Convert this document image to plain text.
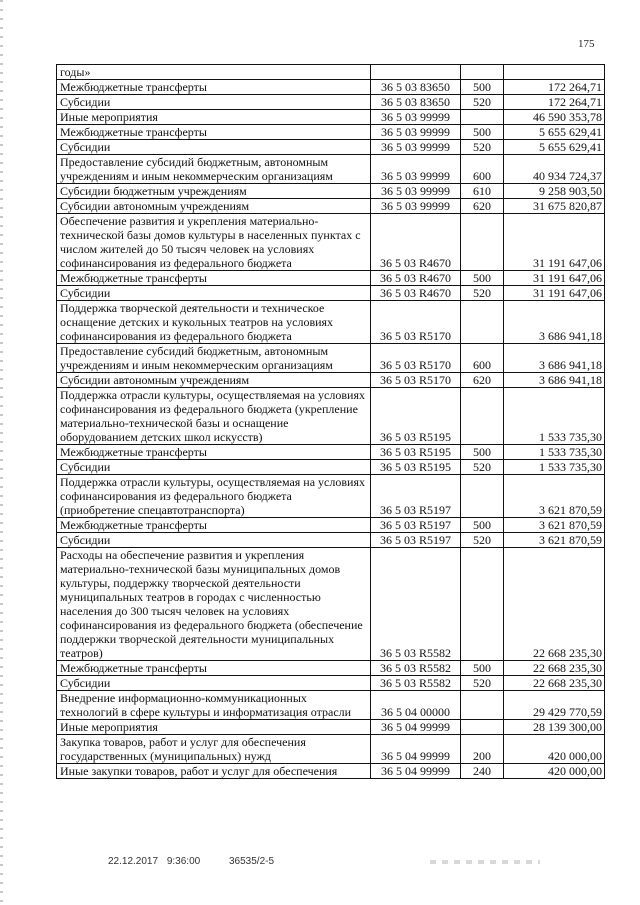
175
годы»			
Межбюджетные трансферты	36 5 03 83650	500	172 264,71
Субсидии	36 5 03 83650	520	172 264,71
Иные мероприятия	36 5 03 99999		46 590 353,78
Межбюджетные трансферты	36 5 03 99999	500	5 655 629,41
Субсидии	36 5 03 99999	520	5 655 629,41
Предоставление субсидий бюджетным, автономным учреждениям и иным некоммерческим организациям	36 5 03 99999	600	40 934 724,37
Субсидии бюджетным учреждениям	36 5 03 99999	610	9 258 903,50
Субсидии автономным учреждениям	36 5 03 99999	620	31 675 820,87
Обеспечение развития и укрепления материально-технической базы домов культуры в населенных пунктах с числом жителей до 50 тысяч человек на условиях софинансирования из федерального бюджета	36 5 03 R4670		31 191 647,06
Межбюджетные трансферты	36 5 03 R4670	500	31 191 647,06
Субсидии	36 5 03 R4670	520	31 191 647,06
Поддержка творческой деятельности и техническое оснащение детских и кукольных театров на условиях софинансирования из федерального бюджета	36 5 03 R5170		3 686 941,18
Предоставление субсидий бюджетным, автономным учреждениям и иным некоммерческим организациям	36 5 03 R5170	600	3 686 941,18
Субсидии автономным учреждениям	36 5 03 R5170	620	3 686 941,18
Поддержка отрасли культуры, осуществляемая на условиях софинансирования из федерального бюджета (укрепление материально-технической базы и оснащение оборудованием детских школ искусств)	36 5 03 R5195		1 533 735,30
Межбюджетные трансферты	36 5 03 R5195	500	1 533 735,30
Субсидии	36 5 03 R5195	520	1 533 735,30
Поддержка отрасли культуры, осуществляемая на условиях софинансирования из федерального бюджета (приобретение спецавтотранспорта)	36 5 03 R5197		3 621 870,59
Межбюджетные трансферты	36 5 03 R5197	500	3 621 870,59
Субсидии	36 5 03 R5197	520	3 621 870,59
Расходы на обеспечение развития и укрепления материально-технической базы муниципальных домов культуры, поддержку творческой деятельности муниципальных театров в городах с численностью населения до 300 тысяч человек на условиях софинансирования из федерального бюджета (обеспечение поддержки творческой деятельности муниципальных театров)	36 5 03 R5582		22 668 235,30
Межбюджетные трансферты	36 5 03 R5582	500	22 668 235,30
Субсидии	36 5 03 R5582	520	22 668 235,30
Внедрение информационно-коммуникационных технологий в сфере культуры и информатизация отрасли	36 5 04 00000		29 429 770,59
Иные мероприятия	36 5 04 99999		28 139 300,00
Закупка товаров, работ и услуг для обеспечения государственных (муниципальных) нужд	36 5 04 99999	200	420 000,00
Иные закупки товаров, работ и услуг для обеспечения	36 5 04 99999	240	420 000,00
22.12.2017 9:36:00	36535/2-5
